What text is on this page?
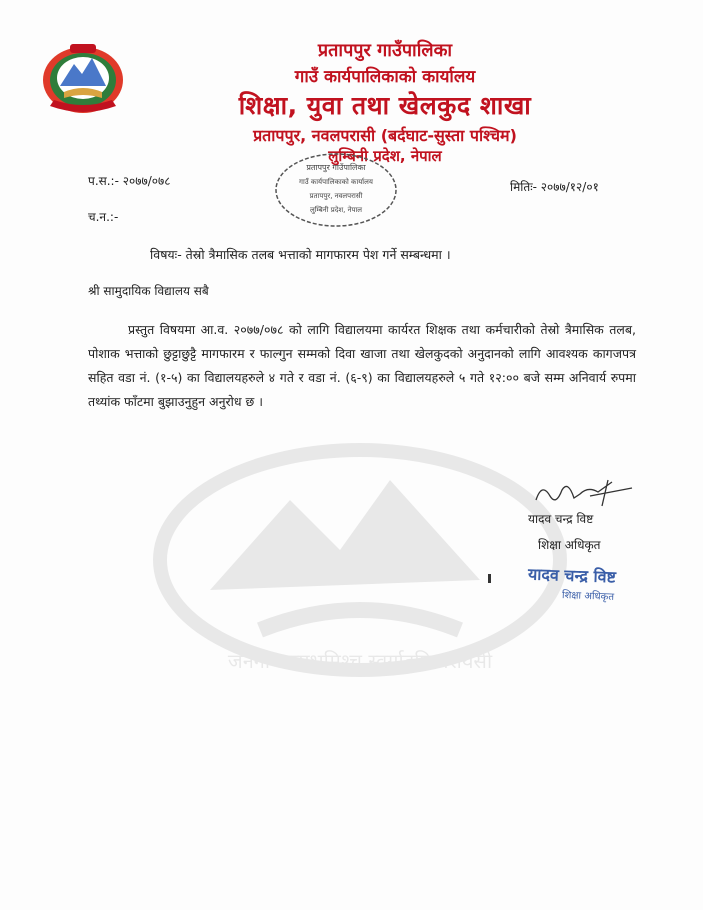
जननी जन्मभूमिश्च स्वर्गादपि गरीयसी
प्रतापपुर गाउँपालिका
गाउँ कार्यपालिकाको कार्यालय
शिक्षा, युवा तथा खेलकुद शाखा
प्रतापपुर, नवलपरासी (बर्दघाट-सुस्ता पश्चिम)
लुम्बिनी प्रदेश, नेपाल
प्रतापपुर गाउँपालिका
गाउँ कार्यपालिकाको कार्यालय
प्रतापपुर, नवलपरासी
लुम्बिनी प्रदेश, नेपाल
प.स.:- २०७७/०७८
च.न.:-
मितिः- २०७७/१२/०१
विषयः- तेस्रो त्रैमासिक तलब भत्ताको मागफारम पेश गर्ने सम्बन्धमा ।
श्री सामुदायिक विद्यालय सबै
प्रस्तुत विषयमा आ.व. २०७७/०७८ को लागि विद्यालयमा कार्यरत शिक्षक तथा कर्मचारीको तेस्रो त्रैमासिक तलब, पोशाक भत्ताको छुट्टाछुट्टै मागफारम र फाल्गुन सम्मको दिवा खाजा तथा खेलकुदको अनुदानको लागि आवश्यक कागजपत्र सहित वडा नं. (१-५) का विद्यालयहरुले ४ गते र वडा नं. (६-९) का विद्यालयहरुले ५ गते १२:०० बजे सम्म अनिवार्य रुपमा तथ्यांक फाँटमा बुझाउनुहुन अनुरोध छ ।
यादव चन्द्र विष्ट
शिक्षा अधिकृत
यादव चन्द्र विष्ट
शिक्षा अधिकृत
